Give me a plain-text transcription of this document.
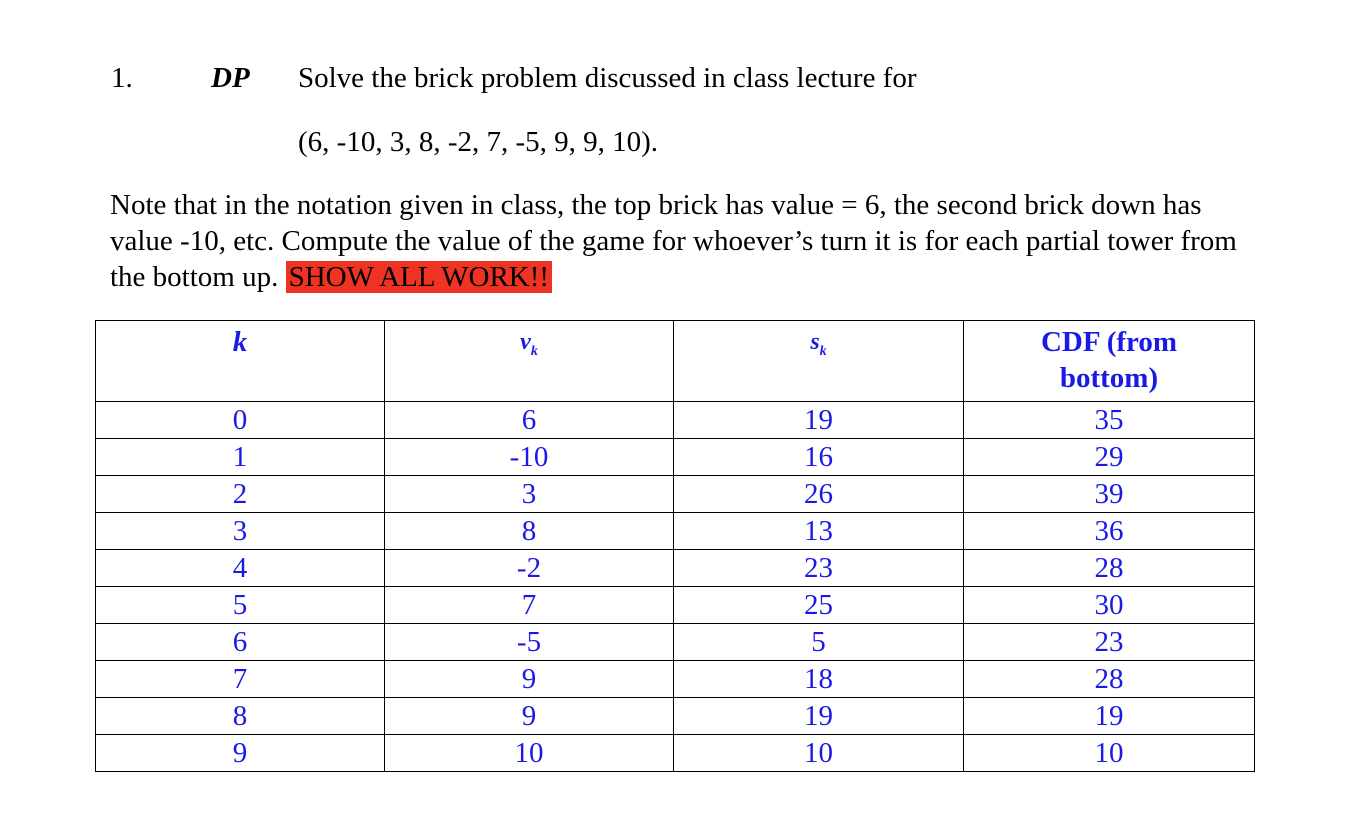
1.	DP Solve the brick problem discussed in class lecture for
(6, -10, 3, 8, -2, 7, -5, 9, 9, 10).
Note that in the notation given in class, the top brick has value = 6, the second brick down has value -10, etc. Compute the value of the game for whoever’s turn it is for each partial tower from the bottom up. SHOW ALL WORK!!
k	$v_k$	$s_k$	CDF (from bottom)
0	6	19	35
1	-10	16	29
2	3	26	39
3	8	13	36
4	-2	23	28
5	7	25	30
6	-5	5	23
7	9	18	28
8	9	19	19
9	10	10	10
